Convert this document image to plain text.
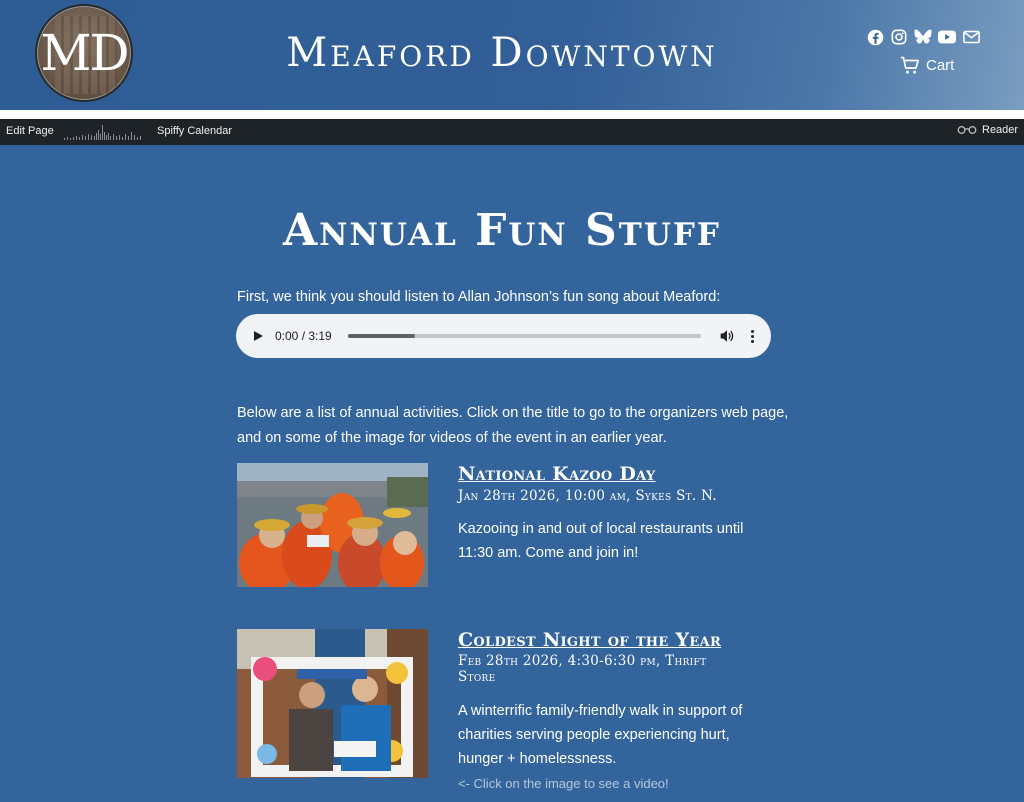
MD	Meaford Downtown	Cart
Edit Page	Spiffy Calendar	Reader
Annual Fun Stuff

First, we think you should listen to Allan Johnson’s fun song about Meaford:

0:00 / 3:19

Below are a list of annual activities. Click on the title to go to the organizers web page, and on some of the image for videos of the event in an earlier year.

National Kazoo Day
Jan 28th 2026, 10:00 am, Sykes St. N.

Kazooing in and out of local restaurants until 11:30 am. Come and join in!

Coldest Night of the Year
Feb 28th 2026, 4:30-6:30 pm, Thrift Store

A winterrific family-friendly walk in support of charities serving people experiencing hurt, hunger + homelessness.

<- Click on the image to see a video!
